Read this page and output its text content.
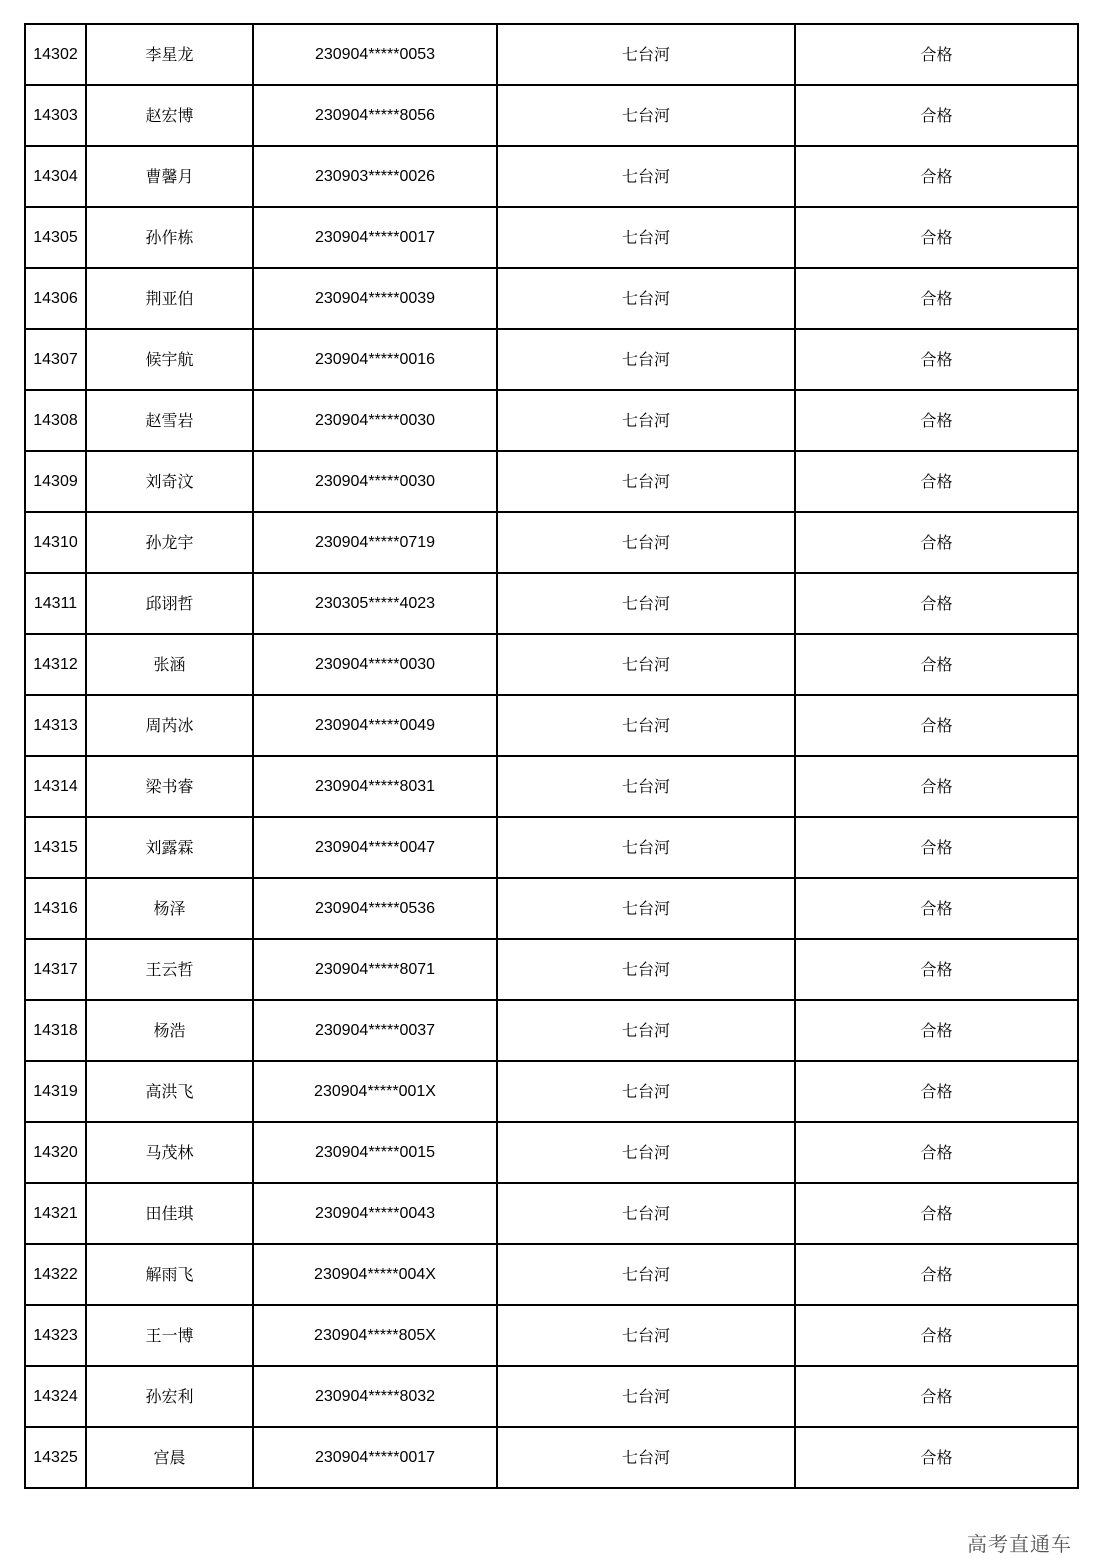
14302	李星龙	230904*****0053	七台河	合格
14303	赵宏博	230904*****8056	七台河	合格
14304	曹馨月	230903*****0026	七台河	合格
14305	孙作栋	230904*****0017	七台河	合格
14306	荆亚伯	230904*****0039	七台河	合格
14307	候宇航	230904*****0016	七台河	合格
14308	赵雪岩	230904*****0030	七台河	合格
14309	刘奇汶	230904*****0030	七台河	合格
14310	孙龙宇	230904*****0719	七台河	合格
14311	邱诩哲	230305*****4023	七台河	合格
14312	张涵	230904*****0030	七台河	合格
14313	周芮冰	230904*****0049	七台河	合格
14314	梁书睿	230904*****8031	七台河	合格
14315	刘露霖	230904*****0047	七台河	合格
14316	杨泽	230904*****0536	七台河	合格
14317	王云哲	230904*****8071	七台河	合格
14318	杨浩	230904*****0037	七台河	合格
14319	高洪飞	230904*****001X	七台河	合格
14320	马茂林	230904*****0015	七台河	合格
14321	田佳琪	230904*****0043	七台河	合格
14322	解雨飞	230904*****004X	七台河	合格
14323	王一博	230904*****805X	七台河	合格
14324	孙宏利	230904*****8032	七台河	合格
14325	宫晨	230904*****0017	七台河	合格
高考直通车
